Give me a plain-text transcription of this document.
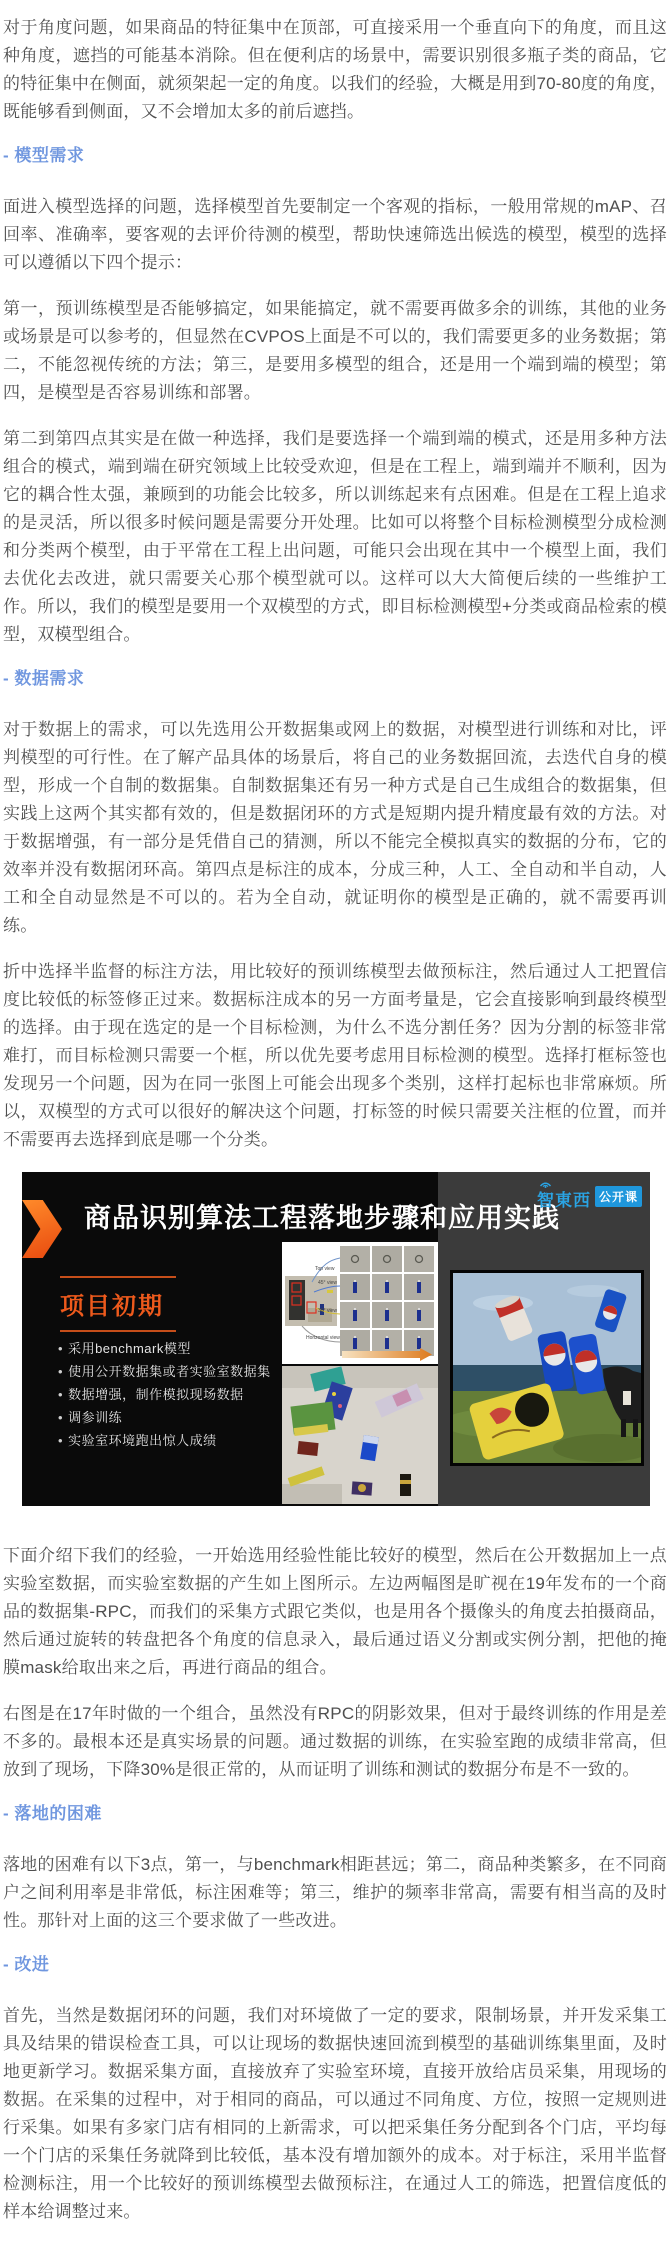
对于角度问题，如果商品的特征集中在顶部，可直接采用一个垂直向下的角度，而且这种角度，遮挡的可能基本消除。但在便利店的场景中，需要识别很多瓶子类的商品，它的特征集中在侧面，就须架起一定的角度。以我们的经验，大概是用到70-80度的角度，既能够看到侧面，又不会增加太多的前后遮挡。

- 模型需求

面进入模型选择的问题，选择模型首先要制定一个客观的指标，一般用常规的mAP、召回率、准确率，要客观的去评价待测的模型，帮助快速筛选出候选的模型，模型的选择可以遵循以下四个提示：

第一，预训练模型是否能够搞定，如果能搞定，就不需要再做多余的训练，其他的业务或场景是可以参考的，但显然在CVPOS上面是不可以的，我们需要更多的业务数据；第二，不能忽视传统的方法；第三，是要用多模型的组合，还是用一个端到端的模型；第四，是模型是否容易训练和部署。

第二到第四点其实是在做一种选择，我们是要选择一个端到端的模式，还是用多种方法组合的模式，端到端在研究领域上比较受欢迎，但是在工程上，端到端并不顺利，因为它的耦合性太强，兼顾到的功能会比较多，所以训练起来有点困难。但是在工程上追求的是灵活，所以很多时候问题是需要分开处理。比如可以将整个目标检测模型分成检测和分类两个模型，由于平常在工程上出问题，可能只会出现在其中一个模型上面，我们去优化去改进，就只需要关心那个模型就可以。这样可以大大简便后续的一些维护工作。所以，我们的模型是要用一个双模型的方式，即目标检测模型+分类或商品检索的模型，双模型组合。

- 数据需求

对于数据上的需求，可以先选用公开数据集或网上的数据，对模型进行训练和对比，评判模型的可行性。在了解产品具体的场景后，将自己的业务数据回流，去迭代自身的模型，形成一个自制的数据集。自制数据集还有另一种方式是自己生成组合的数据集，但实践上这两个其实都有效的，但是数据闭环的方式是短期内提升精度最有效的方法。对于数据增强，有一部分是凭借自己的猜测，所以不能完全模拟真实的数据的分布，它的效率并没有数据闭环高。第四点是标注的成本，分成三种，人工、全自动和半自动，人工和全自动显然是不可以的。若为全自动，就证明你的模型是正确的，就不需要再训练。

折中选择半监督的标注方法，用比较好的预训练模型去做预标注，然后通过人工把置信度比较低的标签修正过来。数据标注成本的另一方面考量是，它会直接影响到最终模型的选择。由于现在选定的是一个目标检测，为什么不选分割任务？因为分割的标签非常难打，而目标检测只需要一个框，所以优先要考虑用目标检测的模型。选择打框标签也发现另一个问题，因为在同一张图上可能会出现多个类别，这样打起标也非常麻烦。所以，双模型的方式可以很好的解决这个问题，打标签的时候只需要关注框的位置，而并不需要再去选择到底是哪一个分类。

商品识别算法工程落地步骤和应用实践
智東西 公开课
项目初期
• 采用benchmark模型
• 使用公开数据集或者实验室数据集
• 数据增强，制作模拟现场数据
• 调参训练
• 实验室环境跑出惊人成绩
Top view
45° view
30° view
Horizontal view

下面介绍下我们的经验，一开始选用经验性能比较好的模型，然后在公开数据加上一点实验室数据，而实验室数据的产生如上图所示。左边两幅图是旷视在19年发布的一个商品的数据集-RPC，而我们的采集方式跟它类似，也是用各个摄像头的角度去拍摄商品，然后通过旋转的转盘把各个角度的信息录入，最后通过语义分割或实例分割，把他的掩膜mask给取出来之后，再进行商品的组合。

右图是在17年时做的一个组合，虽然没有RPC的阴影效果，但对于最终训练的作用是差不多的。最根本还是真实场景的问题。通过数据的训练，在实验室跑的成绩非常高，但放到了现场，下降30%是很正常的，从而证明了训练和测试的数据分布是不一致的。

- 落地的困难

落地的困难有以下3点，第一，与benchmark相距甚远；第二，商品种类繁多，在不同商户之间利用率是非常低，标注困难等；第三，维护的频率非常高，需要有相当高的及时性。那针对上面的这三个要求做了一些改进。

- 改进

首先，当然是数据闭环的问题，我们对环境做了一定的要求，限制场景，并开发采集工具及结果的错误检查工具，可以让现场的数据快速回流到模型的基础训练集里面，及时地更新学习。数据采集方面，直接放弃了实验室环境，直接开放给店员采集，用现场的数据。在采集的过程中，对于相同的商品，可以通过不同角度、方位，按照一定规则进行采集。如果有多家门店有相同的上新需求，可以把采集任务分配到各个门店，平均每一个门店的采集任务就降到比较低，基本没有增加额外的成本。对于标注，采用半监督检测标注，用一个比较好的预训练模型去做预标注，在通过人工的筛选，把置信度低的样本给调整过来。
